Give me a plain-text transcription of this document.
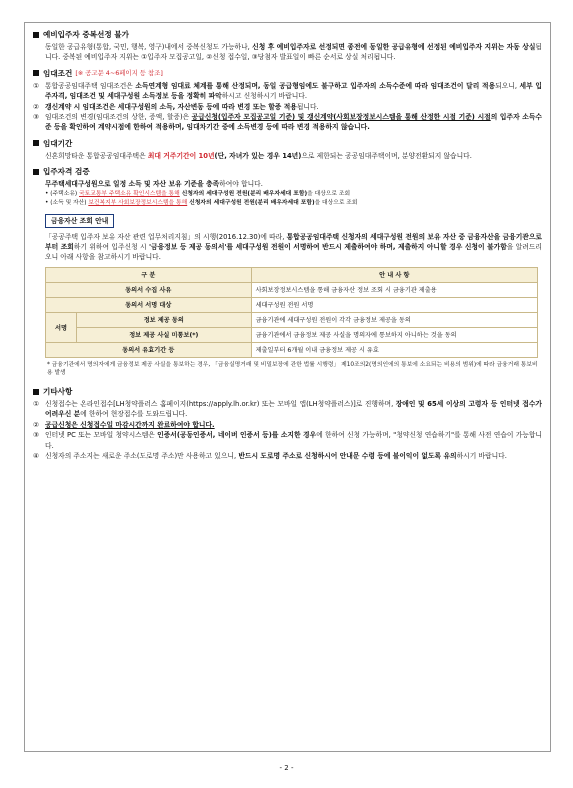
예비입주자 중복선정 불가
동일한 공급유형(통합, 국민, 행복, 영구)내에서 중복신청도 가능하나, 신청 후 예비입주자로 선정되면 종전에 동일한 공급유형에 선정된 예비입주자 지위는 자동 상실됩니다. 중복된 예비입주자 지위는 ①입주자 모집공고일, ②신청 접수일, ③당첨자 발표일이 빠른 순서로 상실 처리됩니다.
임대조건 [※ 공고문 4~6페이지 등 참조]
① 통합공공임대주택 임대조건은 소득연계형 임대료 체계를 통해 산정되며, 동일 공급형임에도 불구하고 입주자의 소득수준에 따라 임대조건이 달리 적용되오니, 세부 입주자격, 임대조건 및 세대구성원 소득정보 등을 정확히 파악하시고 신청하시기 바랍니다.
② 갱신계약 시 임대조건은 세대구성원의 소득, 자산변동 등에 따라 변경 또는 할증 적용됩니다.
③ 임대조건의 변경(임대조건의 상한, 증액, 할증)은 공급신청(입주자 모집공고일 기준) 및 갱신계약(사회보장정보시스템을 통해 산정한 시점 기준) 시점의 입주자 소득수준 등을 확인하여 계약시점에 한하여 적용하며, 임대차기간 중에 소득변경 등에 따라 변경 적용하지 않습니다.
임대기간
신혼희망타운 통합공공임대주택은 최대 거주기간이 10년(단, 자녀가 있는 경우 14년)으로 제한되는 공공임대주택이며, 분양전환되지 않습니다.
입주자격 검증
무주택세대구성원으로 일정 소득 및 자산 보유 기준을 충족하여야 합니다.
• (주택소유) 국토교통부 주택소유 확인시스템을 통해 신청자의 세대구성원 전원(분리 배우자세대 포함)을 대상으로 조회
• (소득 및 자산) 보건복지부 사회보장정보시스템을 통해 신청자의 세대구성원 전원(분리 배우자세대 포함)을 대상으로 조회
금융자산 조회 안내
「공공주택 입주자 보유 자산 관련 업무처리지침」의 시행(2016.12.30)에 따라, 통합공공임대주택 신청자의 세대구성원 전원의 보유 자산 중 금융자산을 금융기관으로부터 조회하기 위하여 입주신청 시 '금융정보 등 제공 동의서'를 세대구성원 전원이 서명하여 반드시 제출하여야 하며, 제출하지 아니할 경우 신청이 불가함을 알려드리오니 아래 사항을 참고하시기 바랍니다.
구 분		안 내 사 항
동의서 수집 사유		사회보장정보시스템을 통해 금융자산 정보 조회 시 금융기관 제출용
동의서 서명 대상		세대구성원 전원 서명
서명	정보 제공 동의	금융기관에 세대구성원 전원이 각각 금융정보 제공을 동의
	정보 제공 사실 미통보(*)	금융기관에서 금융정보 제공 사실을 명의자에 통보하지 아니하는 것을 동의
동의서 유효기간 등		제출일부터 6개월 이내 금융정보 제공 시 유효
* 금융기관에서 명의자에게 금융정보 제공 사실을 통보하는 경우, 「금융실명거래 및 비밀보장에 관한 법률 시행령」 제10조의2(명의인에의 통보에 소요되는 비용의 범위)에 따라 금융거래 통보비용 발생
기타사항
① 신청접수는 온라인접수[LH청약플러스 홈페이지(https://apply.lh.or.kr) 또는 모바일 앱(LH청약플러스)]로 진행하며, 장애인 및 65세 이상의 고령자 등 인터넷 접수가 어려우신 분에 한하여 현장접수를 도와드립니다.
② 공급신청은 신청접수일 마감시간까지 완료하여야 합니다.
③ 인터넷 PC 또는 모바일 청약시스템은 인증서(공동인증서, 네이버 인증서 등)를 소지한 경우에 한하여 신청 가능하며, "청약신청 연습하기"를 통해 사전 연습이 가능합니다.
④ 신청자의 주소지는 새로운 주소(도로명 주소)만 사용하고 있으니, 반드시 도로명 주소로 신청하시어 안내문 수령 등에 불이익이 없도록 유의하시기 바랍니다.
- 2 -
